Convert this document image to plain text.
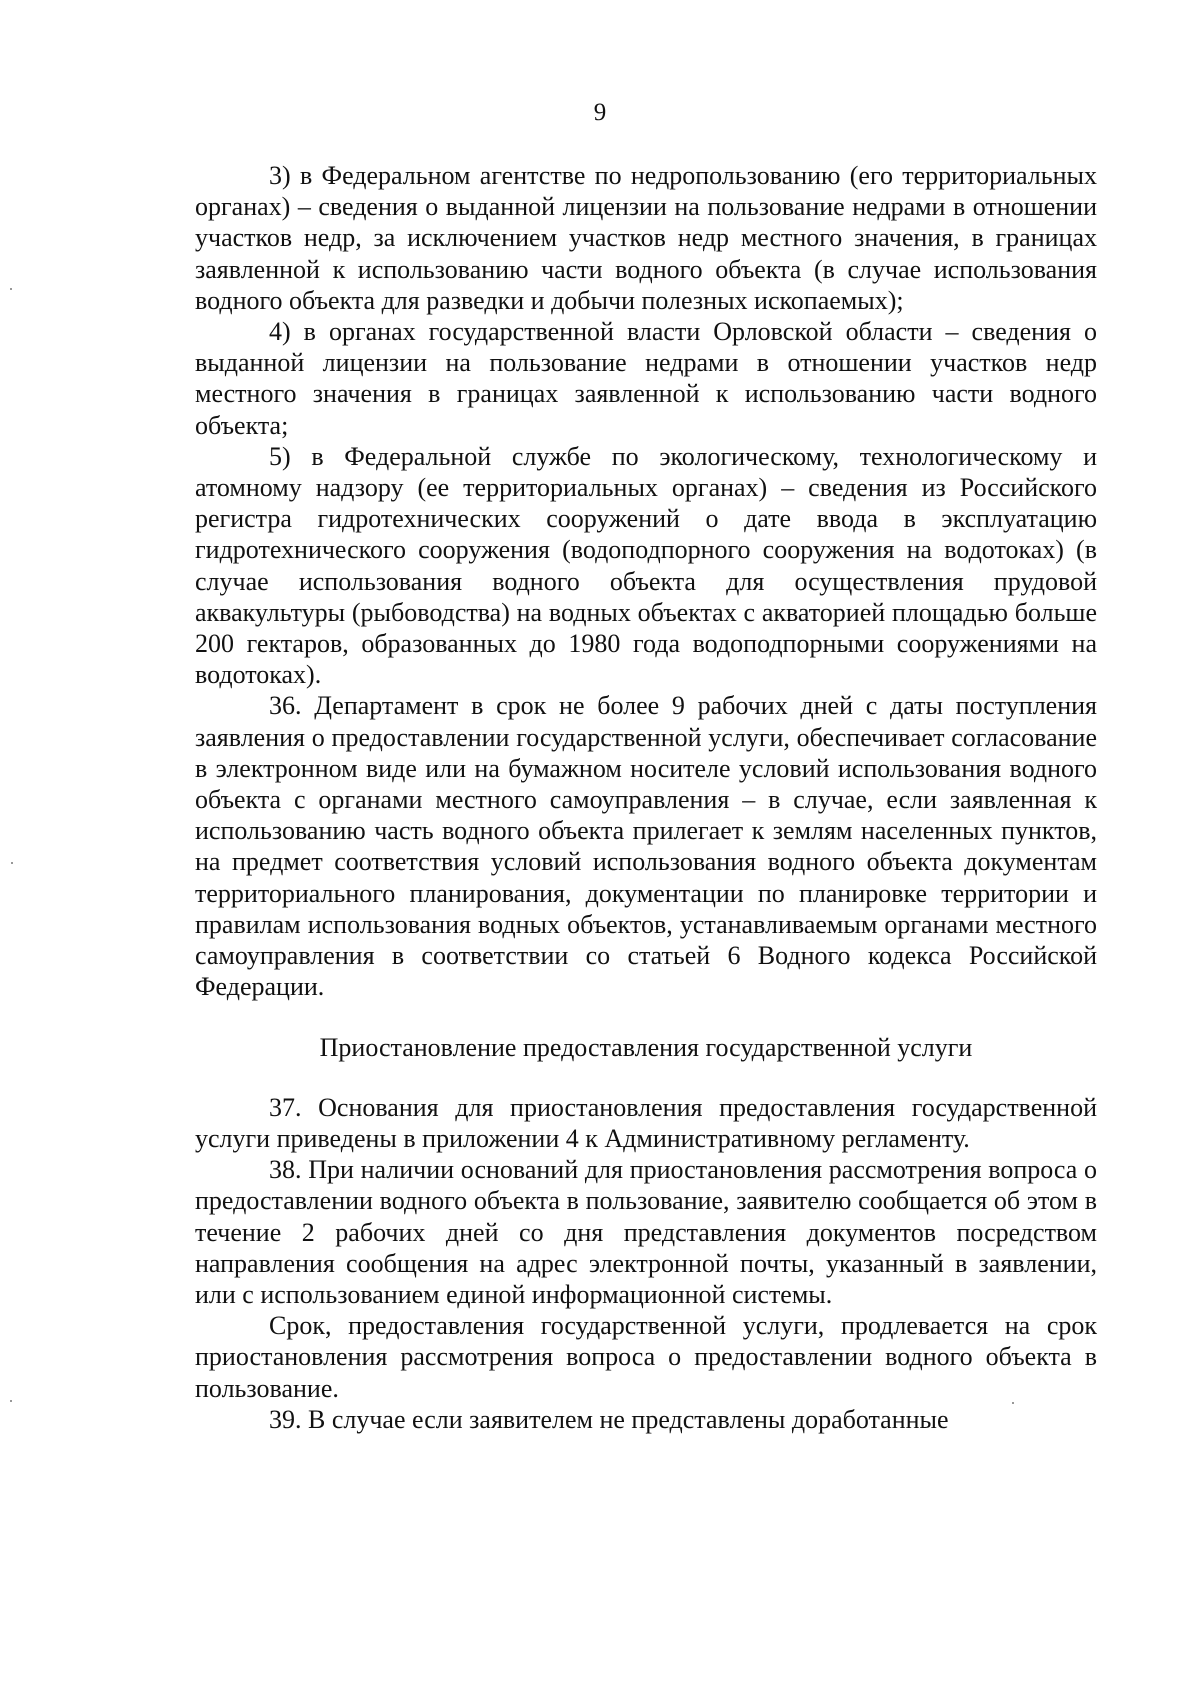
9

3) в Федеральном агентстве по недропользованию (его территориальных органах) – сведения о выданной лицензии на пользование недрами в отношении участков недр, за исключением участков недр местного значения, в границах заявленной к использованию части водного объекта (в случае использования водного объекта для разведки и добычи полезных ископаемых);

4) в органах государственной власти Орловской области – сведения о выданной лицензии на пользование недрами в отношении участков недр местного значения в границах заявленной к использованию части водного объекта;

5) в Федеральной службе по экологическому, технологическому и атомному надзору (ее территориальных органах) – сведения из Российского регистра гидротехнических сооружений о дате ввода в эксплуатацию гидротехнического сооружения (водоподпорного сооружения на водотоках) (в случае использования водного объекта для осуществления прудовой аквакультуры (рыбоводства) на водных объектах с акваторией площадью больше 200 гектаров, образованных до 1980 года водоподпорными сооружениями на водотоках).

36. Департамент в срок не более 9 рабочих дней с даты поступления заявления о предоставлении государственной услуги, обеспечивает согласование в электронном виде или на бумажном носителе условий использования водного объекта с органами местного самоуправления – в случае, если заявленная к использованию часть водного объекта прилегает к землям населенных пунктов, на предмет соответствия условий использования водного объекта документам территориального планирования, документации по планировке территории и правилам использования водных объектов, устанавливаемым органами местного самоуправления в соответствии со статьей 6 Водного кодекса Российской Федерации.

Приостановление предоставления государственной услуги

37. Основания для приостановления предоставления государственной услуги приведены в приложении 4 к Административному регламенту.

38. При наличии оснований для приостановления рассмотрения вопроса о предоставлении водного объекта в пользование, заявителю сообщается об этом в течение 2 рабочих дней со дня представления документов посредством направления сообщения на адрес электронной почты, указанный в заявлении, или с использованием единой информационной системы.

Срок, предоставления государственной услуги, продлевается на срок приостановления рассмотрения вопроса о предоставлении водного объекта в пользование.

39. В случае если заявителем не представлены доработанные
